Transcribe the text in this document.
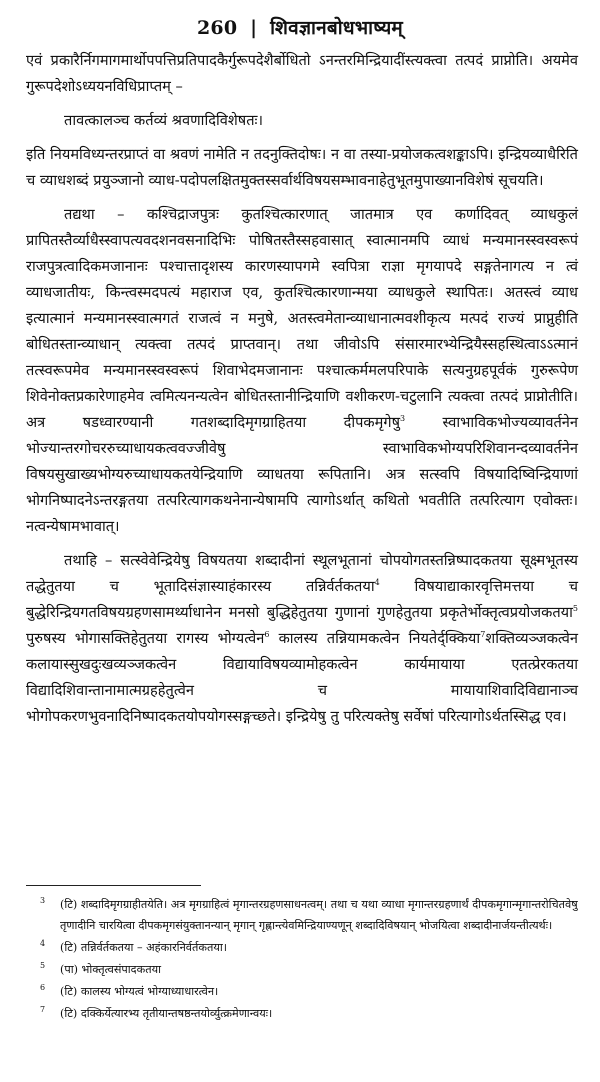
260 | शिवज्ञानबोधभाष्यम्

एवं प्रकारैर्निगमागमार्थोपपत्तिप्रतिपादकैर्गुरूपदेशैर्बोधितो ऽनन्तरमिन्द्रियादींस्त्यक्त्वा तत्पदं प्राप्नोति। अयमेव गुरूपदेशोऽध्ययनविधिप्राप्तम् –

तावत्कालञ्च कर्तव्यं श्रवणादिविशेषतः।

इति नियमविध्यन्तरप्राप्तं वा श्रवणं नामेति न तदनुक्तिदोषः। न वा तस्या-प्रयोजकत्वशङ्काऽपि। इन्द्रियव्याधैरिति च व्याधशब्दं प्रयुञ्जानो व्याध-पदोपलक्षितमुक्तस्सर्वार्थविषयसम्भावनाहेतुभूतमुपाख्यानविशेषं सूचयति।

तद्यथा – कश्चिद्राजपुत्रः कुतश्चित्कारणात् जातमात्र एव कर्णादिवत् व्याधकुलं प्रापितस्तैर्व्याधैस्स्वापत्यवदशनवसनादिभिः पोषितस्तैस्सहवासात् स्वात्मानमपि व्याधं मन्यमानस्स्वस्वरूपं राजपुत्रत्वादिकमजानानः पश्चात्तादृशस्य कारणस्यापगमे स्वपित्रा राज्ञा मृगयापदे सङ्गतेनागत्य न त्वं व्याधजातीयः, किन्त्वस्मदपत्यं महाराज एव, कुतश्चित्कारणान्मया व्याधकुले स्थापितः। अतस्त्वं व्याध इत्यात्मानं मन्यमानस्स्वात्मगतं राजत्वं न मनुषे, अतस्त्वमेतान्व्याधानात्मवशीकृत्य मत्पदं राज्यं प्राप्नुहीति बोधितस्तान्व्याधान् त्यक्त्वा तत्पदं प्राप्तवान्। तथा जीवोऽपि संसारमारभ्येन्द्रियैस्सहस्थित्वाऽऽत्मानं तत्स्वरूपमेव मन्यमानस्स्वस्वरूपं शिवाभेदमजानानः पश्चात्कर्ममलपरिपाके सत्यनुग्रहपूर्वकं गुरुरूपेण शिवेनोक्तप्रकारेणाहमेव त्वमित्यनन्यत्वेन बोधितस्तानीन्द्रियाणि वशीकरण-चटुलानि त्यक्त्वा तत्पदं प्राप्नोतीति। अत्र षडध्वारण्यानी गतशब्दादिमृगग्राहितया दीपकमृगेषु$^3$ स्वाभाविकभोज्यव्यावर्तनेन भोज्यान्तरगोचररुच्याधायकत्ववज्जीवेषु स्वाभाविकभोग्यपरिशिवानन्दव्यावर्तनेन विषयसुखाख्यभोग्यरुच्याधायकतयेन्द्रियाणि व्याधतया रूपितानि। अत्र सत्स्वपि विषयादिष्विन्द्रियाणां भोगनिष्पादनेऽन्तरङ्गतया तत्परित्यागकथनेनान्येषामपि त्यागोऽर्थात् कथितो भवतीति तत्परित्याग एवोक्तः। नत्वन्येषामभावात्।

तथाहि – सत्स्वेवेन्द्रियेषु विषयतया शब्दादीनां स्थूलभूतानां चोपयोगतस्तन्निष्पादकतया सूक्ष्मभूतस्य तद्धेतुतया च भूतादिसंज्ञास्याहंकारस्य तन्निर्वर्तकतया$^4$ विषयाद्याकारवृत्तिमत्तया च बुद्धेरिन्द्रियगतविषयग्रहणसामर्थ्याधानेन मनसो बुद्धिहेतुतया गुणानां गुणहेतुतया प्रकृतेर्भोक्तृत्वप्रयोजकतया$^5$ पुरुषस्य भोगासक्तिहेतुतया रागस्य भोग्यत्वेन$^6$ कालस्य तन्नियामकत्वेन नियतेर्द्क्किया$^7$शक्तिव्यञ्जकत्वेन कलायास्सुखदुःखव्यञ्जकत्वेन विद्यायाविषयव्यामोहकत्वेन कार्यमायाया एतत्प्रेरकतया विद्यादिशिवान्तानामात्मग्रहहेतुत्वेन च मायायाशिवादिविद्यानाञ्च भोगोपकरणभुवनादिनिष्पादकतयोपयोगस्सङ्गच्छते। इन्द्रियेषु तु परित्यक्तेषु सर्वेषां परित्यागोऽर्थतस्सिद्ध एव।

3 (टि) शब्दादिमृगग्राहीतयेति। अत्र मृगग्राहित्वं मृगान्तरग्रहणसाधनत्वम्। तथा च यथा व्याधा मृगान्तरग्रहणार्थं दीपकमृगान्मृगान्तरोचितवेषु तृणादीनि चारयित्वा दीपकमृगसंयुक्तानन्यान् मृगान् गृह्णान्त्येवमिन्द्रियाण्यणून् शब्दादिविषयान् भोजयित्वा शब्दादीनार्जयन्तीत्यर्थः।
4 (टि) तन्निर्वर्तकतया – अहंकारनिर्वर्तकतया।
5 (पा) भोक्तृत्वसंपादकतया
6 (टि) कालस्य भोग्यत्वं भोग्याध्याधारत्वेन।
7 (टि) दक्किर्येत्यारभ्य तृतीयान्तषष्ठन्तयोर्व्युत्क्रमेणान्वयः।
